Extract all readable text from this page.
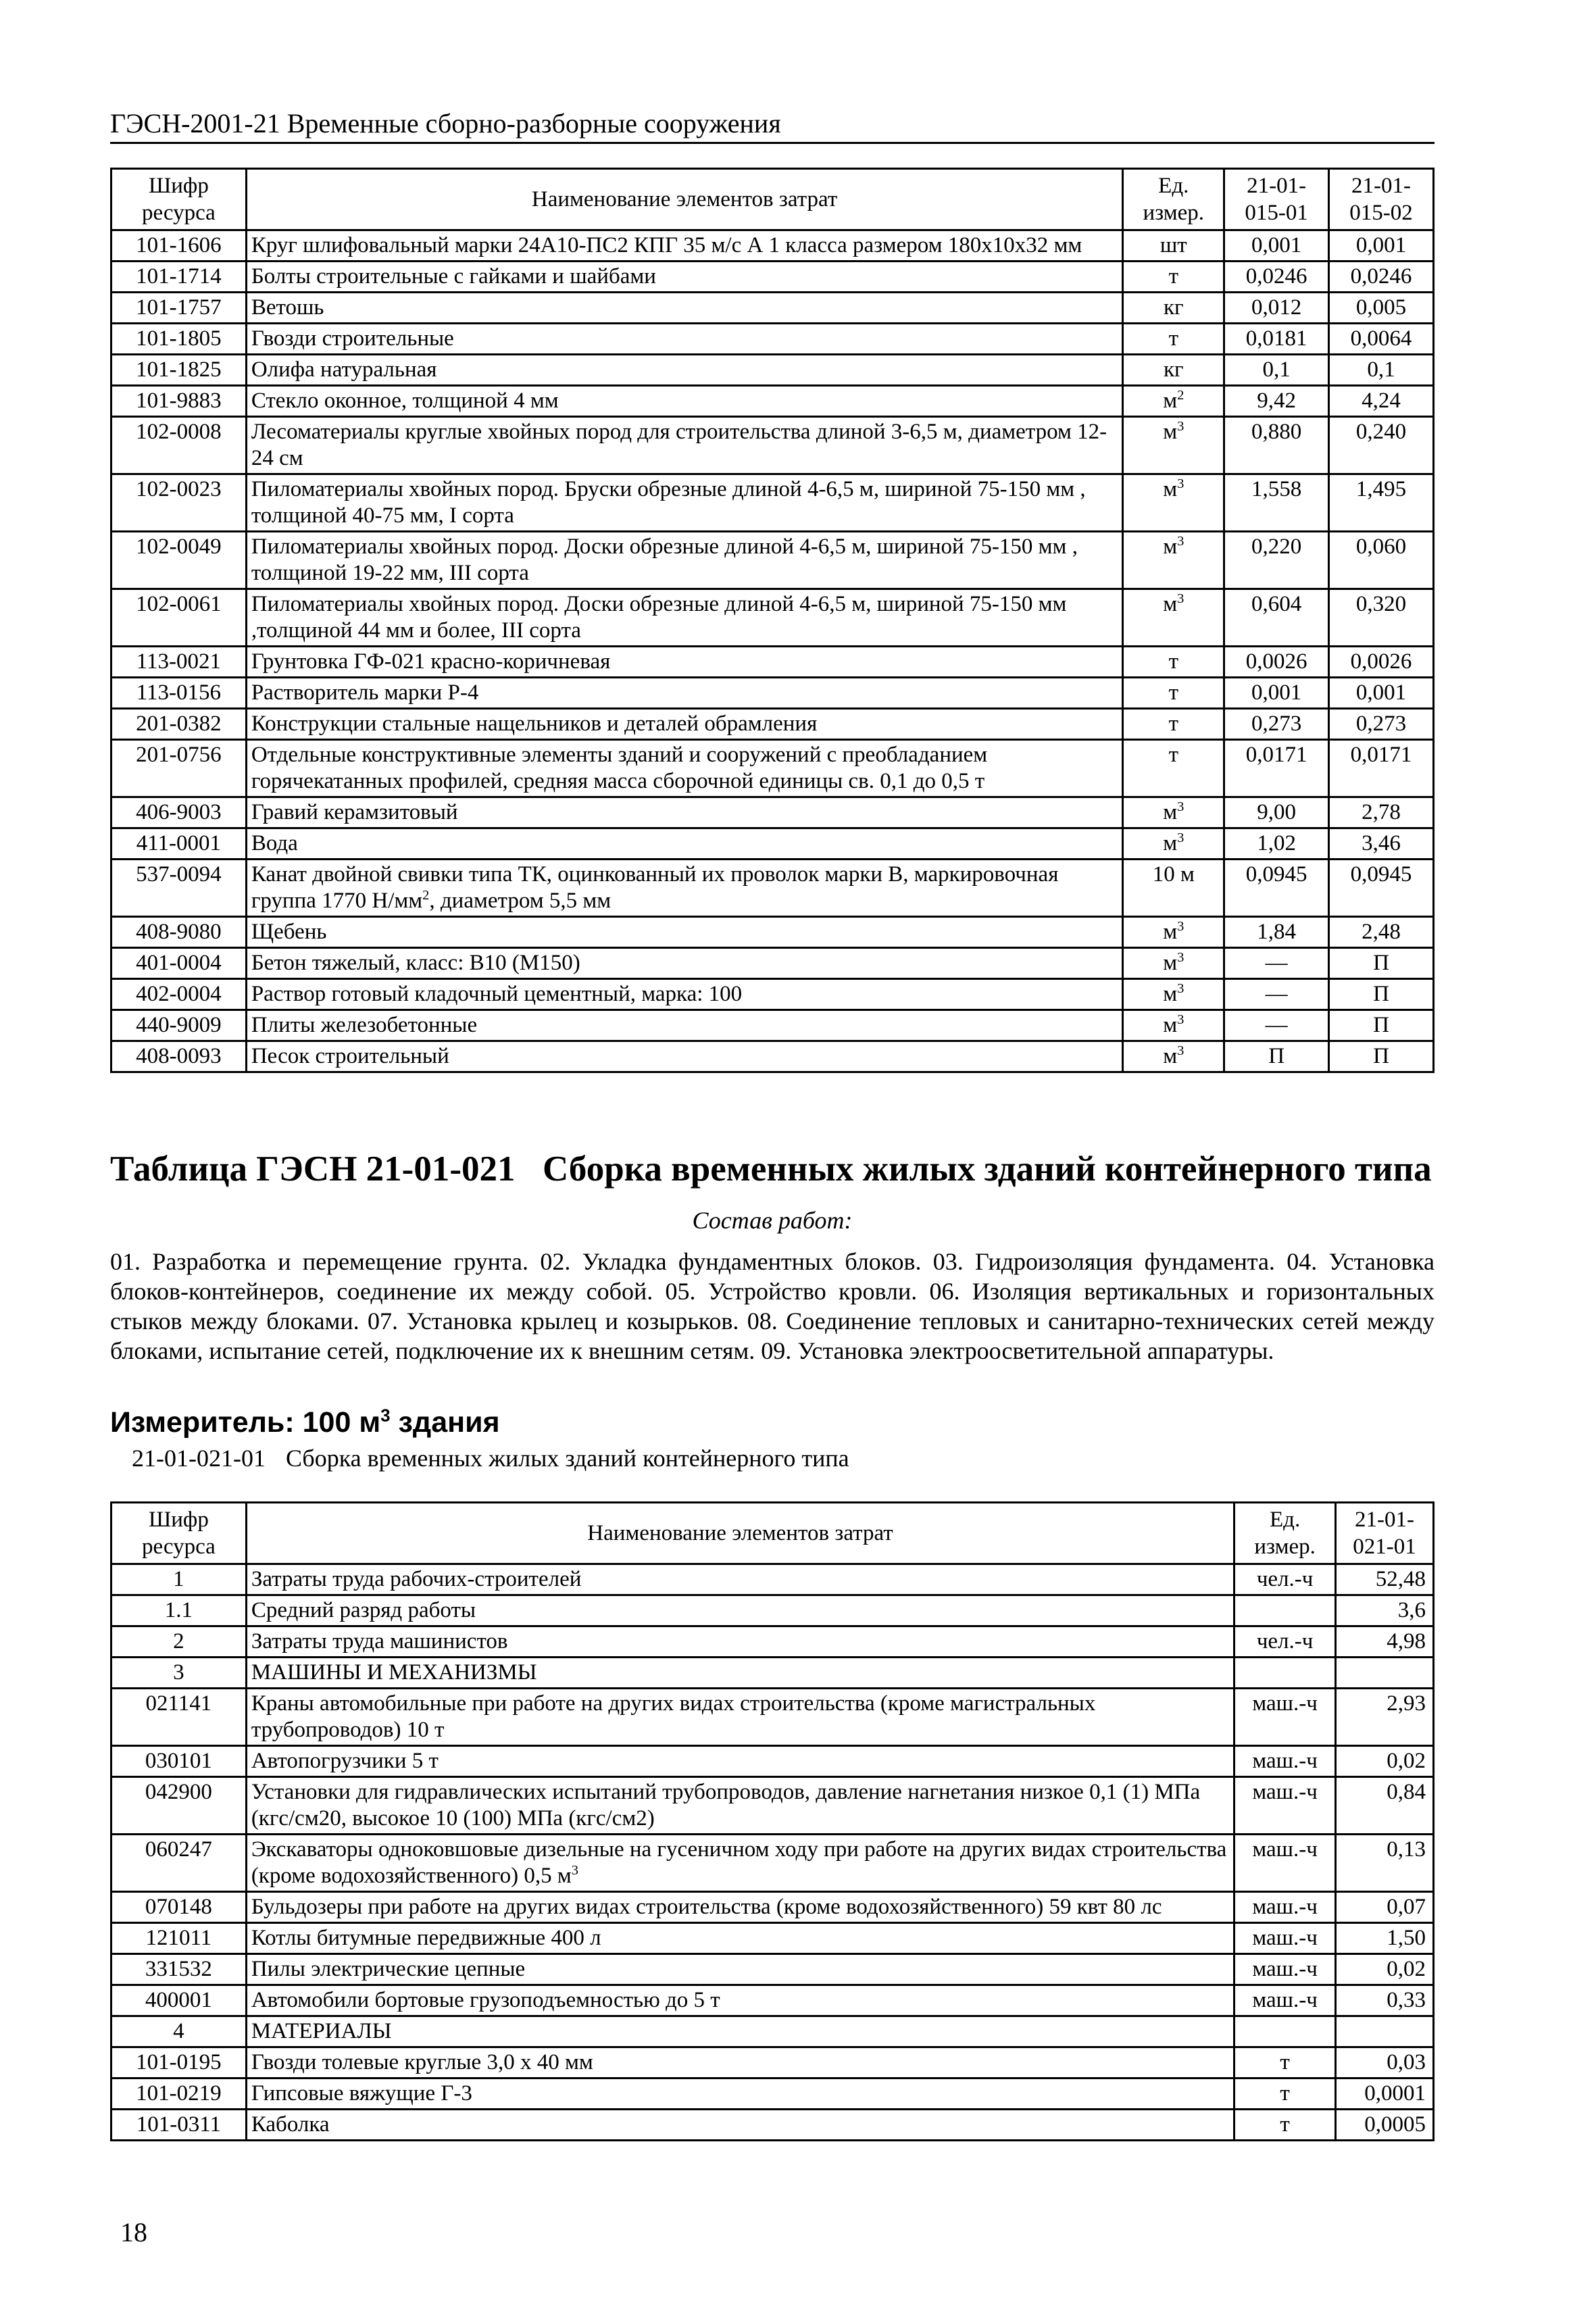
ГЭСН-2001-21 Временные сборно-разборные сооружения
Шифр ресурса	Наименование элементов затрат	Ед. измер.	21-01-015-01	21-01-015-02
101-1606	Круг шлифовальный марки 24А10-ПС2 КПГ 35 м/с А 1 класса размером 180x10x32 мм	шт	0,001	0,001
101-1714	Болты строительные с гайками и шайбами	т	0,0246	0,0246
101-1757	Ветошь	кг	0,012	0,005
101-1805	Гвозди строительные	т	0,0181	0,0064
101-1825	Олифа натуральная	кг	0,1	0,1
101-9883	Стекло оконное, толщиной 4 мм	$м^2$	9,42	4,24
102-0008	Лесоматериалы круглые хвойных пород для строительства длиной 3-6,5 м, диаметром 12-24 см	$м^3$	0,880	0,240
102-0023	Пиломатериалы хвойных пород. Бруски обрезные длиной 4-6,5 м, шириной 75-150 мм , толщиной 40-75 мм, I сорта	$м^3$	1,558	1,495
102-0049	Пиломатериалы хвойных пород. Доски обрезные длиной 4-6,5 м, шириной 75-150 мм , толщиной 19-22 мм, III сорта	$м^3$	0,220	0,060
102-0061	Пиломатериалы хвойных пород. Доски обрезные длиной 4-6,5 м, шириной 75-150 мм ,толщиной 44 мм и более, III сорта	$м^3$	0,604	0,320
113-0021	Грунтовка ГФ-021 красно-коричневая	т	0,0026	0,0026
113-0156	Растворитель марки Р-4	т	0,001	0,001
201-0382	Конструкции стальные нащельников и деталей обрамления	т	0,273	0,273
201-0756	Отдельные конструктивные элементы зданий и сооружений с преобладанием горячекатанных профилей, средняя масса сборочной единицы св. 0,1 до 0,5 т	т	0,0171	0,0171
406-9003	Гравий керамзитовый	$м^3$	9,00	2,78
411-0001	Вода	$м^3$	1,02	3,46
537-0094	Канат двойной свивки типа ТК, оцинкованный их проволок марки В, маркировочная группа 1770 $Н/мм^2$, диаметром 5,5 мм	10 м	0,0945	0,0945
408-9080	Щебень	$м^3$	1,84	2,48
401-0004	Бетон тяжелый, класс: В10 (М150)	$м^3$	—	П
402-0004	Раствор готовый кладочный цементный, марка: 100	$м^3$	—	П
440-9009	Плиты железобетонные	$м^3$	—	П
408-0093	Песок строительный	$м^3$	П	П
Таблица ГЭСН 21-01-021 Сборка временных жилых зданий контейнерного типа
Состав работ:
01. Разработка и перемещение грунта. 02. Укладка фундаментных блоков. 03. Гидроизоляция фундамента. 04. Установка блоков-контейнеров, соединение их между собой. 05. Устройство кровли. 06. Изоляция вертикальных и горизонтальных стыков между блоками. 07. Установка крылец и козырьков. 08. Соединение тепловых и санитарно-технических сетей между блоками, испытание сетей, подключение их к внешним сетям. 09. Установка электроосветительной аппаратуры.
Измеритель: 100 $м^3$ здания
21-01-021-01 Сборка временных жилых зданий контейнерного типа
Шифр ресурса	Наименование элементов затрат	Ед. измер.	21-01-021-01
1	Затраты труда рабочих-строителей	чел.-ч	52,48
1.1	Средний разряд работы		3,6
2	Затраты труда машинистов	чел.-ч	4,98
3	МАШИНЫ И МЕХАНИЗМЫ		
021141	Краны автомобильные при работе на других видах строительства (кроме магистральных трубопроводов) 10 т	маш.-ч	2,93
030101	Автопогрузчики 5 т	маш.-ч	0,02
042900	Установки для гидравлических испытаний трубопроводов, давление нагнетания низкое 0,1 (1) МПа (кгс/см20, высокое 10 (100) МПа (кгс/см2)	маш.-ч	0,84
060247	Экскаваторы одноковшовые дизельные на гусеничном ходу при работе на других видах строительства (кроме водохозяйственного) 0,5 $м^3$	маш.-ч	0,13
070148	Бульдозеры при работе на других видах строительства (кроме водохозяйственного) 59 квт 80 лс	маш.-ч	0,07
121011	Котлы битумные передвижные 400 л	маш.-ч	1,50
331532	Пилы электрические цепные	маш.-ч	0,02
400001	Автомобили бортовые грузоподъемностью до 5 т	маш.-ч	0,33
4	МАТЕРИАЛЫ		
101-0195	Гвозди толевые круглые 3,0 x 40 мм	т	0,03
101-0219	Гипсовые вяжущие Г-3	т	0,0001
101-0311	Каболка	т	0,0005
18
